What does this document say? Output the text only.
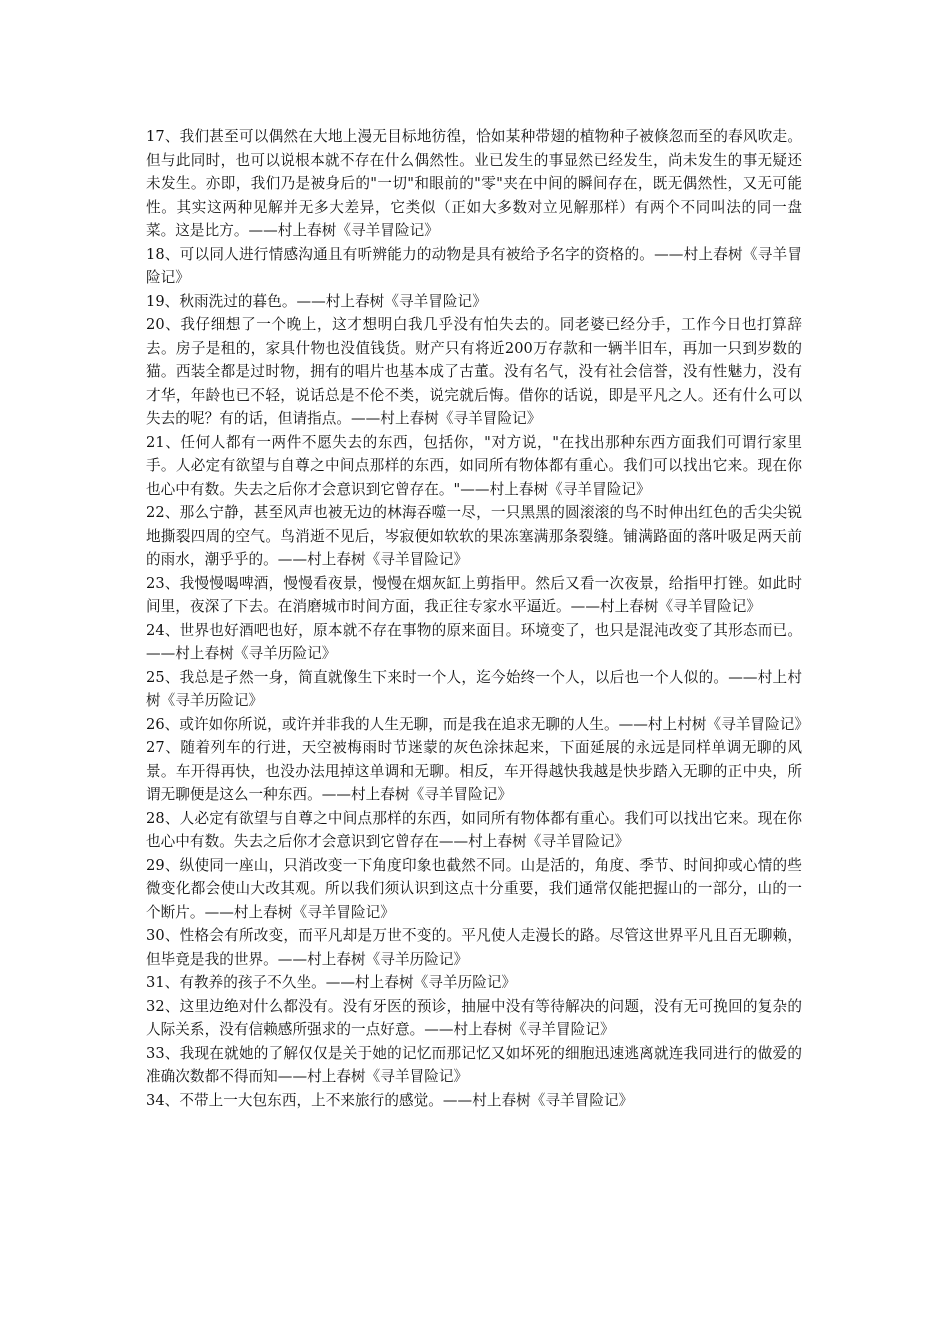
17、我们甚至可以偶然在大地上漫无目标地彷徨，恰如某种带翅的植物种子被倏忽而至的春风吹走。但与此同时，也可以说根本就不存在什么偶然性。业已发生的事显然已经发生，尚未发生的事无疑还未发生。亦即，我们乃是被身后的"一切"和眼前的"零"夹在中间的瞬间存在，既无偶然性，又无可能性。其实这两种见解并无多大差异，它类似（正如大多数对立见解那样）有两个不同叫法的同一盘菜。这是比方。——村上春树《寻羊冒险记》

18、可以同人进行情感沟通且有听辨能力的动物是具有被给予名字的资格的。——村上春树《寻羊冒险记》

19、秋雨洗过的暮色。——村上春树《寻羊冒险记》

20、我仔细想了一个晚上，这才想明白我几乎没有怕失去的。同老婆已经分手，工作今日也打算辞去。房子是租的，家具什物也没值钱货。财产只有将近200万存款和一辆半旧车，再加一只到岁数的猫。西装全都是过时物，拥有的唱片也基本成了古董。没有名气，没有社会信誉，没有性魅力，没有才华，年龄也已不轻，说话总是不伦不类，说完就后悔。借你的话说，即是平凡之人。还有什么可以失去的呢？有的话，但请指点。——村上春树《寻羊冒险记》

21、任何人都有一两件不愿失去的东西，包括你，"对方说，"在找出那种东西方面我们可谓行家里手。人必定有欲望与自尊之中间点那样的东西，如同所有物体都有重心。我们可以找出它来。现在你也心中有数。失去之后你才会意识到它曾存在。"——村上春树《寻羊冒险记》

22、那么宁静，甚至风声也被无边的林海吞噬一尽，一只黑黑的圆滚滚的鸟不时伸出红色的舌尖尖锐地撕裂四周的空气。鸟消逝不见后，岑寂便如软软的果冻塞满那条裂缝。铺满路面的落叶吸足两天前的雨水，潮乎乎的。——村上春树《寻羊冒险记》

23、我慢慢喝啤酒，慢慢看夜景，慢慢在烟灰缸上剪指甲。然后又看一次夜景，给指甲打锉。如此时间里，夜深了下去。在消磨城市时间方面，我正往专家水平逼近。——村上春树《寻羊冒险记》

24、世界也好酒吧也好，原本就不存在事物的原来面目。环境变了，也只是混沌改变了其形态而已。——村上春树《寻羊历险记》

25、我总是孑然一身，简直就像生下来时一个人，迄今始终一个人，以后也一个人似的。——村上村树《寻羊历险记》

26、或许如你所说，或许并非我的人生无聊，而是我在追求无聊的人生。——村上村树《寻羊冒险记》

27、随着列车的行进，天空被梅雨时节迷蒙的灰色涂抹起来，下面延展的永远是同样单调无聊的风景。车开得再快，也没办法甩掉这单调和无聊。相反，车开得越快我越是快步踏入无聊的正中央，所谓无聊便是这么一种东西。——村上春树《寻羊冒险记》

28、人必定有欲望与自尊之中间点那样的东西，如同所有物体都有重心。我们可以找出它来。现在你也心中有数。失去之后你才会意识到它曾存在——村上春树《寻羊冒险记》

29、纵使同一座山，只消改变一下角度印象也截然不同。山是活的，角度、季节、时间抑或心情的些微变化都会使山大改其观。所以我们须认识到这点十分重要，我们通常仅能把握山的一部分，山的一个断片。——村上春树《寻羊冒险记》

30、性格会有所改变，而平凡却是万世不变的。平凡使人走漫长的路。尽管这世界平凡且百无聊赖，但毕竟是我的世界。——村上春树《寻羊历险记》

31、有教养的孩子不久坐。——村上春树《寻羊历险记》

32、这里边绝对什么都没有。没有牙医的预诊，抽屉中没有等待解决的问题，没有无可挽回的复杂的人际关系，没有信赖感所强求的一点好意。——村上春树《寻羊冒险记》

33、我现在就她的了解仅仅是关于她的记忆而那记忆又如坏死的细胞迅速逃离就连我同进行的做爱的准确次数都不得而知——村上春树《寻羊冒险记》

34、不带上一大包东西，上不来旅行的感觉。——村上春树《寻羊冒险记》
